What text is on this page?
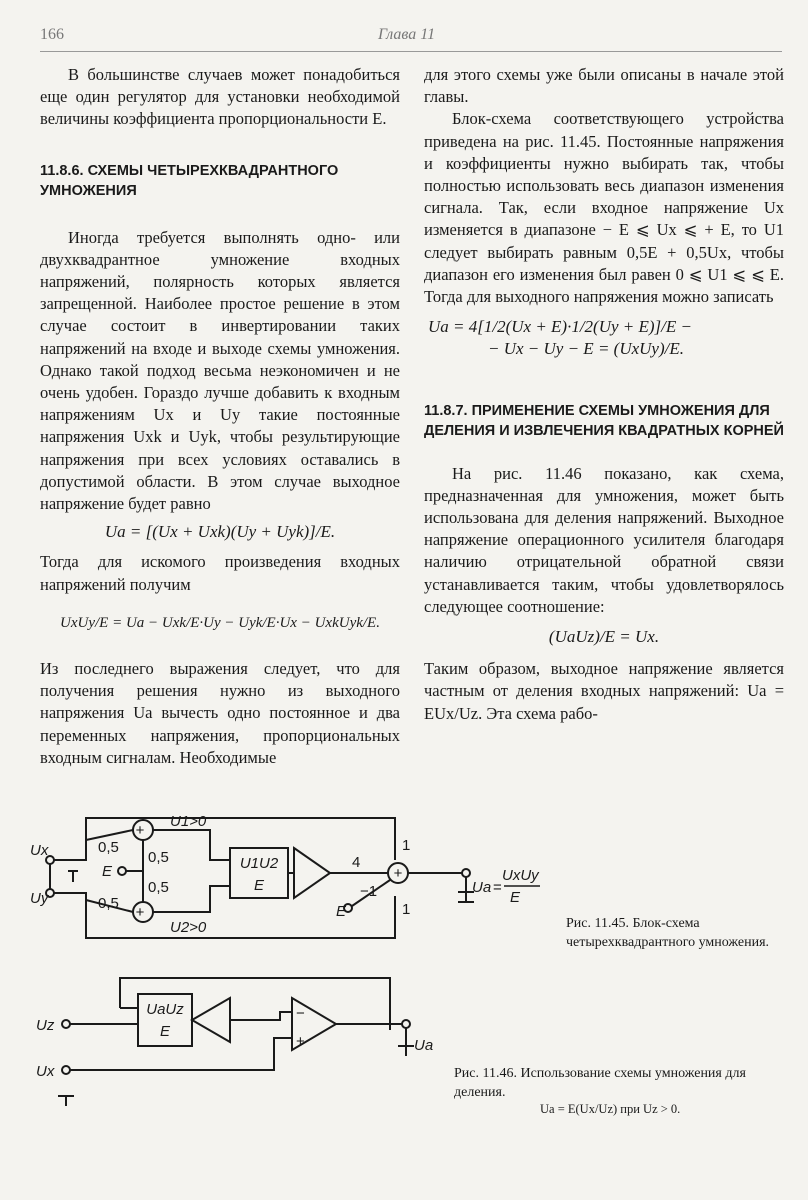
166	Глава 11

В большинстве случаев может понадобиться еще один регулятор для установки необходимой величины коэффициента пропорциональности E.

11.8.6. СХЕМЫ ЧЕТЫРЕХКВАДРАНТНОГО УМНОЖЕНИЯ

Иногда требуется выполнять одно- или двухквадрантное умножение входных напряжений, полярность которых является запрещенной. Наиболее простое решение в этом случае состоит в инвертировании таких напряжений на входе и выходе схемы умножения. Однако такой подход весьма неэкономичен и не очень удобен. Гораздо лучше добавить к входным напряжениям Ux и Uy такие постоянные напряжения Uxk и Uyk, чтобы результирующие напряжения при всех условиях оставались в допустимой области. В этом случае выходное напряжение будет равно

Ua = [(Ux + Uxk)(Uy + Uyk)]/E.

Тогда для искомого произведения входных напряжений получим

UxUy/E = Ua − Uxk/E·Uy − Uyk/E·Ux − UxkUyk/E.

Из последнего выражения следует, что для получения решения нужно из выходного напряжения Ua вычесть одно постоянное и два переменных напряжения, пропорциональных входным сигналам. Необходимые

для этого схемы уже были описаны в начале этой главы.

Блок-схема соответствующего устройства приведена на рис. 11.45. Постоянные напряжения и коэффициенты нужно выбирать так, чтобы полностью использовать весь диапазон изменения сигнала. Так, если входное напряжение Ux изменяется в диапазоне − E ⩽ Ux ⩽ + E, то U1 следует выбирать равным 0,5E + 0,5Ux, чтобы диапазон его изменения был равен 0 ⩽ U1 ⩽ ⩽ E. Тогда для выходного напряжения можно записать

Ua = 4[1/2(Ux + E)·1/2(Uy + E)]/E −

− Ux − Uy − E = (UxUy)/E.

11.8.7. ПРИМЕНЕНИЕ СХЕМЫ УМНОЖЕНИЯ ДЛЯ ДЕЛЕНИЯ И ИЗВЛЕЧЕНИЯ КВАДРАТНЫХ КОРНЕЙ

На рис. 11.46 показано, как схема, предназначенная для умножения, может быть использована для деления напряжений. Выходное напряжение операционного усилителя благодаря наличию отрицательной обратной связи устанавливается таким, чтобы удовлетворялось следующее соотношение:

(UaUz)/E = Ux.

Таким образом, выходное напряжение является частным от деления входных напряжений: Ua = EUx/Uz. Эта схема рабо-

Ux
Uy
U1>0
U2>0
0,5
0,5
0,5
0,5
E
E
+
+
+
U1U2
E
4
−1
1
1
Ua =
UxUy
E
Рис. 11.45. Блок-схема четырехквадрантного умножения.
Uz
Ux
Ua
UaUz
E
−
+
Рис. 11.46. Использование схемы умножения для деления.
Ua = E(Ux/Uz) при Uz > 0.
